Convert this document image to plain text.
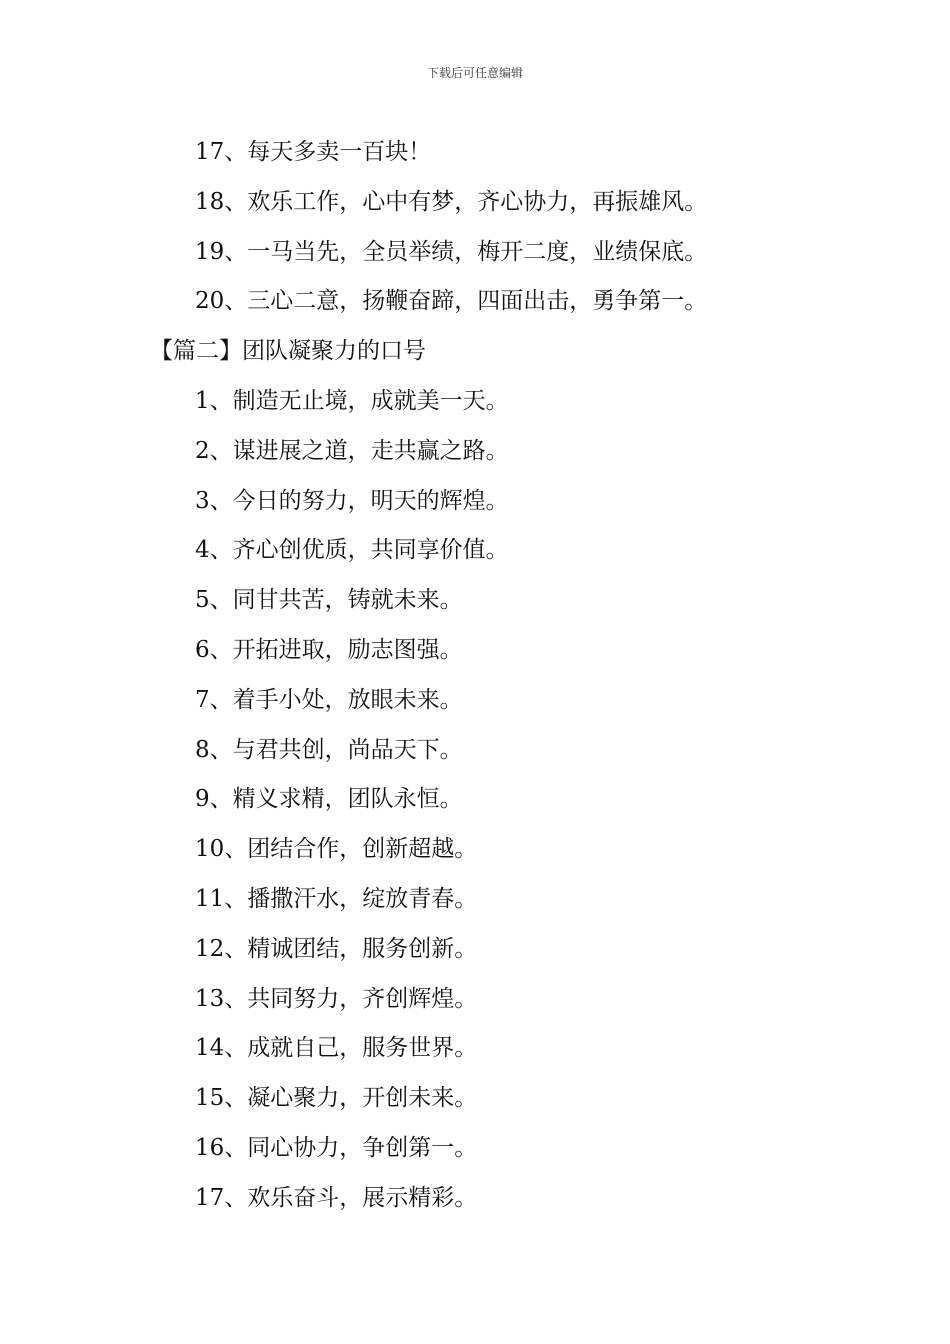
下载后可任意编辑
17、每天多卖一百块！
18、欢乐工作，心中有梦，齐心协力，再振雄风。
19、一马当先，全员举绩，梅开二度，业绩保底。
20、三心二意，扬鞭奋蹄，四面出击，勇争第一。
【篇二】团队凝聚力的口号
1、制造无止境，成就美一天。
2、谋进展之道，走共赢之路。
3、今日的努力，明天的辉煌。
4、齐心创优质，共同享价值。
5、同甘共苦，铸就未来。
6、开拓进取，励志图强。
7、着手小处，放眼未来。
8、与君共创，尚品天下。
9、精义求精，团队永恒。
10、团结合作，创新超越。
11、播撒汗水，绽放青春。
12、精诚团结，服务创新。
13、共同努力，齐创辉煌。
14、成就自己，服务世界。
15、凝心聚力，开创未来。
16、同心协力，争创第一。
17、欢乐奋斗，展示精彩。
